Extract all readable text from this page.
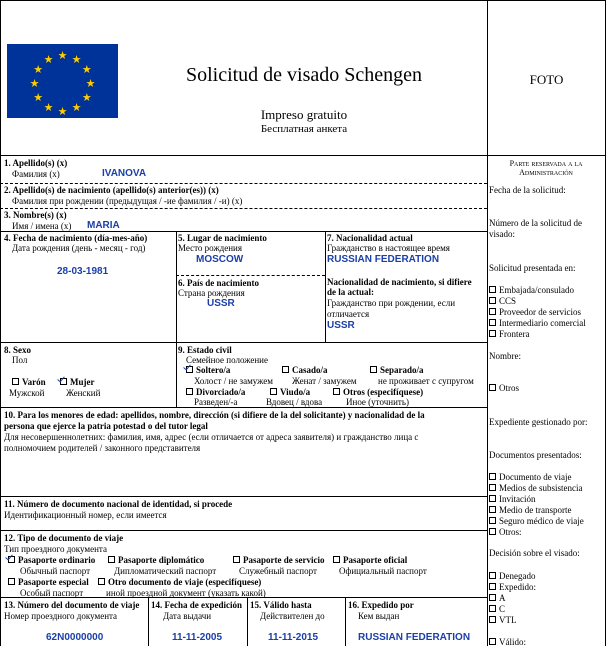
★ ★
★
★
★
★
★
★
★
★
★
★
Solicitud de visado Schengen
Impreso gratuito
Бесплатная анкета
FOTO
Parte reservada a la Administración
Fecha de la solicitud:
Número de la solicitud de visado:
Solicitud presentada en:
Embajada/consulado
CCS
Proveedor de servicios
Intermediario comercial
Frontera
Nombre:
Otros
Expediente gestionado por:
Documentos presentados:
Documento de viaje
Medios de subsistencia
Invitación
Medio de transporte
Seguro médico de viaje
Otros:
Decisión sobre el visado:
Denegado
Expedido:
A
C
VTL
Válido:
1. Apellido(s) (x)
Фамилия (x)	IVANOVA
2. Apellido(s) de nacimiento (apellido(s) anterior(es)) (x)
Фамилия при рождении (предыдущая / -ие фамилия / -и) (x)
3. Nombre(s) (x)
Имя / имена (x) MARIA
4. Fecha de nacimiento (día-mes-año)
Дата рождения (день - месяц - год)
28-03-1981
5. Lugar de nacimiento
Место рождения
MOSCOW
6. País de nacimiento
Страна рождения
USSR
7. Nacionalidad actual
Гражданство в настоящее время
RUSSIAN FEDERATION
Nacionalidad de nacimiento, si difiere
de la actual:
Гражданство при рождении, если
отличается
USSR
8. Sexo
Пол
Varón	Mujer
Мужской Женский
9. Estado civil
Семейное положение
Soltero/a	Casado/a	Separado/a
Холост / не замужем Женат / замужем не проживает с супругом
Divorciado/a	Viudo/a	Otros (especifíquese)
Разведен/-а	Вдовец / вдова	Иное (уточнить)
10. Para los menores de edad: apellidos, nombre, dirección (si difiere de la del solicitante) y nacionalidad de la
persona que ejerce la patria potestad o del tutor legal
Для несовершеннолетних: фамилия, имя, адрес (если отличается от адреса заявителя) и гражданство лица с
полномочием родителей / законного представителя
11. Número de documento nacional de identidad, si procede
Идентификационный номер, если имеется
12. Tipo de documento de viaje
Тип проездного документа
Pasaporte ordinario	Pasaporte diplomático	Pasaporte de servicio	Pasaporte oficial
Обычный паспорт	Дипломатический паспорт	Служебный паспорт Официальный паспорт
Pasaporte especial	Otro documento de viaje (especifíquese)
Особый паспорт	иной проездной документ (указать какой)
13. Número del documento de viaje
Номер проездного документа
62N0000000
14. Fecha de expedición
Дата выдачи
11-11-2005
15. Válido hasta
Действителен до
11-11-2015
16. Expedido por
Кем выдан
RUSSIAN FEDERATION
